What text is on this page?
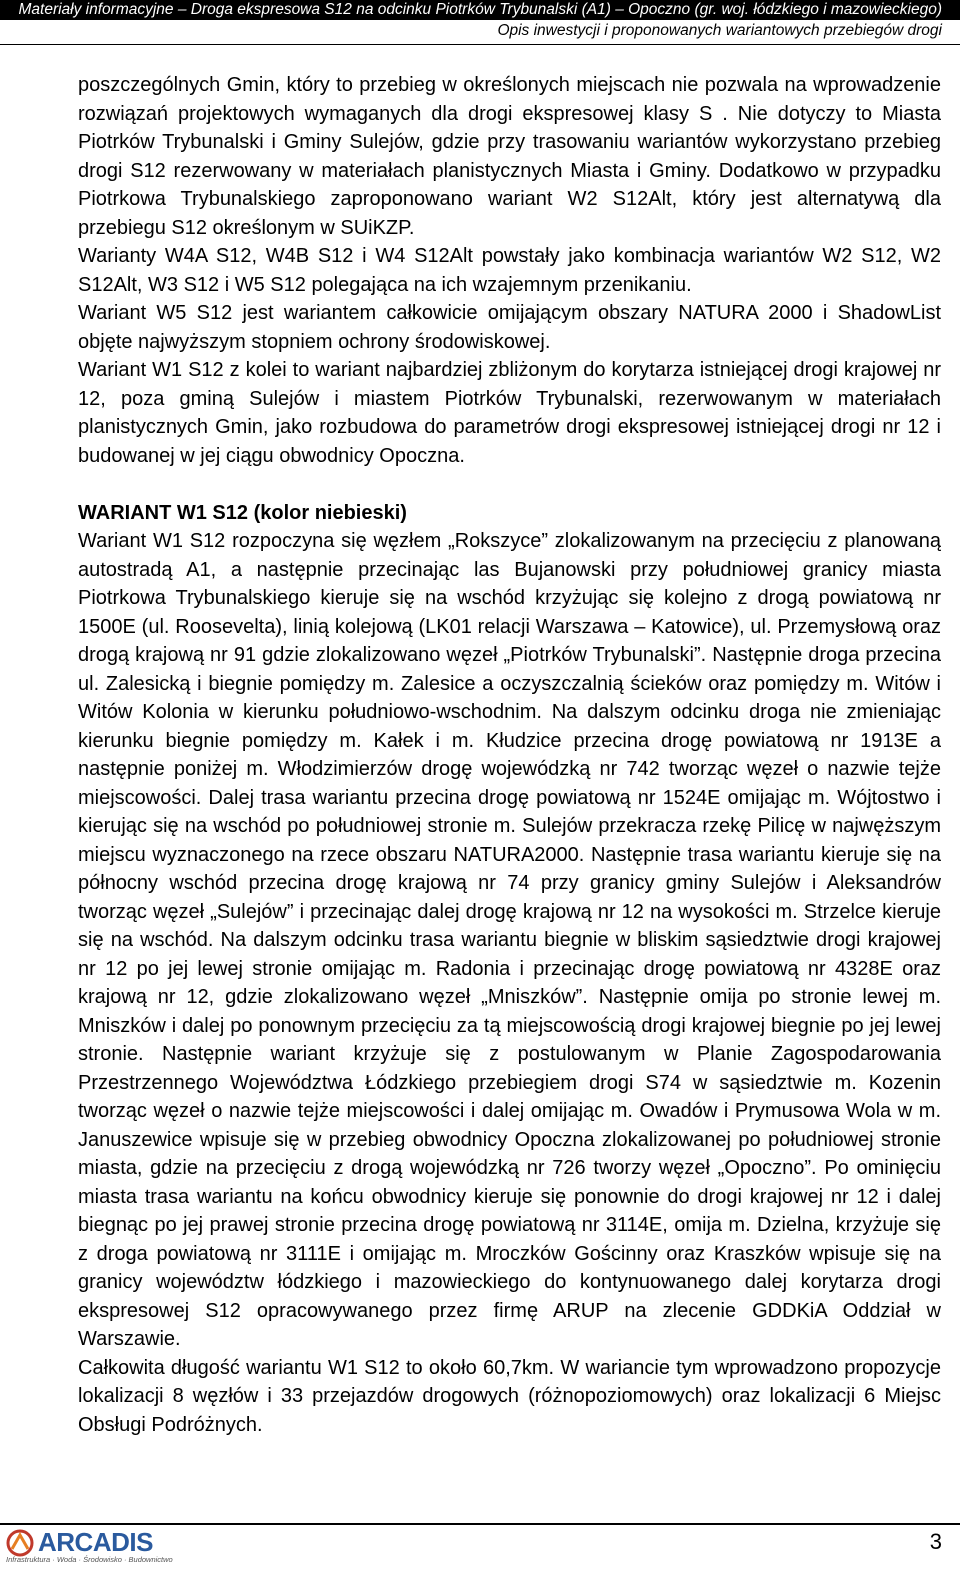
Materiały informacyjne – Droga ekspresowa S12 na odcinku Piotrków Trybunalski (A1) – Opoczno (gr. woj. łódzkiego i mazowieckiego)
Opis inwestycji i proponowanych wariantowych przebiegów drogi

poszczególnych Gmin, który to przebieg w określonych miejscach nie pozwala na wprowadzenie rozwiązań projektowych wymaganych dla drogi ekspresowej klasy S . Nie dotyczy to Miasta Piotrków Trybunalski i Gminy Sulejów, gdzie przy trasowaniu wariantów wykorzystano przebieg drogi S12 rezerwowany w materiałach planistycznych Miasta i Gminy. Dodatkowo w przypadku Piotrkowa Trybunalskiego zaproponowano wariant W2 S12Alt, który jest alternatywą dla przebiegu S12 określonym w SUiKZP.

Warianty W4A S12, W4B S12 i W4 S12Alt powstały jako kombinacja wariantów W2 S12, W2 S12Alt, W3 S12 i W5 S12 polegająca na ich wzajemnym przenikaniu.

Wariant W5 S12 jest wariantem całkowicie omijającym obszary NATURA 2000 i ShadowList objęte najwyższym stopniem ochrony środowiskowej.

Wariant W1 S12 z kolei to wariant najbardziej zbliżonym do korytarza istniejącej drogi krajowej nr 12, poza gminą Sulejów i miastem Piotrków Trybunalski, rezerwowanym w materiałach planistycznych Gmin, jako rozbudowa do parametrów drogi ekspresowej istniejącej drogi nr 12 i budowanej w jej ciągu obwodnicy Opoczna.

WARIANT W1 S12 (kolor niebieski)

Wariant W1 S12 rozpoczyna się węzłem „Rokszyce” zlokalizowanym na przecięciu z planowaną autostradą A1, a następnie przecinając las Bujanowski przy południowej granicy miasta Piotrkowa Trybunalskiego kieruje się na wschód krzyżując się kolejno z drogą powiatową nr 1500E (ul. Roosevelta), linią kolejową (LK01 relacji Warszawa – Katowice), ul. Przemysłową oraz drogą krajową nr 91 gdzie zlokalizowano węzeł „Piotrków Trybunalski”. Następnie droga przecina ul. Zalesicką i biegnie pomiędzy m. Zalesice a oczyszczalnią ścieków oraz pomiędzy m. Witów i Witów Kolonia w kierunku południowo-wschodnim. Na dalszym odcinku droga nie zmieniając kierunku biegnie pomiędzy m. Kałek i m. Kłudzice przecina drogę powiatową nr 1913E a następnie poniżej m. Włodzimierzów drogę wojewódzką nr 742 tworząc węzeł o nazwie tejże miejscowości. Dalej trasa wariantu przecina drogę powiatową nr 1524E omijając m. Wójtostwo i kierując się na wschód po południowej stronie m. Sulejów przekracza rzekę Pilicę w najwęższym miejscu wyznaczonego na rzece obszaru NATURA2000. Następnie trasa wariantu kieruje się na północny wschód przecina drogę krajową nr 74 przy granicy gminy Sulejów i Aleksandrów tworząc węzeł „Sulejów” i przecinając dalej drogę krajową nr 12 na wysokości m. Strzelce kieruje się na wschód. Na dalszym odcinku trasa wariantu biegnie w bliskim sąsiedztwie drogi krajowej nr 12 po jej lewej stronie omijając m. Radonia i przecinając drogę powiatową nr 4328E oraz krajową nr 12, gdzie zlokalizowano węzeł „Mniszków”. Następnie omija po stronie lewej m. Mniszków i dalej po ponownym przecięciu za tą miejscowością drogi krajowej biegnie po jej lewej stronie. Następnie wariant krzyżuje się z postulowanym w Planie Zagospodarowania Przestrzennego Województwa Łódzkiego przebiegiem drogi S74 w sąsiedztwie m. Kozenin tworząc węzeł o nazwie tejże miejscowości i dalej omijając m. Owadów i Prymusowa Wola w m. Januszewice wpisuje się w przebieg obwodnicy Opoczna zlokalizowanej po południowej stronie miasta, gdzie na przecięciu z drogą wojewódzką nr 726 tworzy węzeł „Opoczno”. Po ominięciu miasta trasa wariantu na końcu obwodnicy kieruje się ponownie do drogi krajowej nr 12 i dalej biegnąc po jej prawej stronie przecina drogę powiatową nr 3114E, omija m. Dzielna, krzyżuje się z droga powiatową nr 3111E i omijając m. Mroczków Gościnny oraz Kraszków wpisuje się na granicy województw łódzkiego i mazowieckiego do kontynuowanego dalej korytarza drogi ekspresowej S12 opracowywanego przez firmę ARUP na zlecenie GDDKiA Oddział w Warszawie.

Całkowita długość wariantu W1 S12 to około 60,7km. W wariancie tym wprowadzono propozycje lokalizacji 8 węzłów i 33 przejazdów drogowych (różnopoziomowych) oraz lokalizacji 6 Miejsc Obsługi Podróżnych.

ARCADIS
Infrastruktura · Woda · Środowisko · Budownictwo
3
